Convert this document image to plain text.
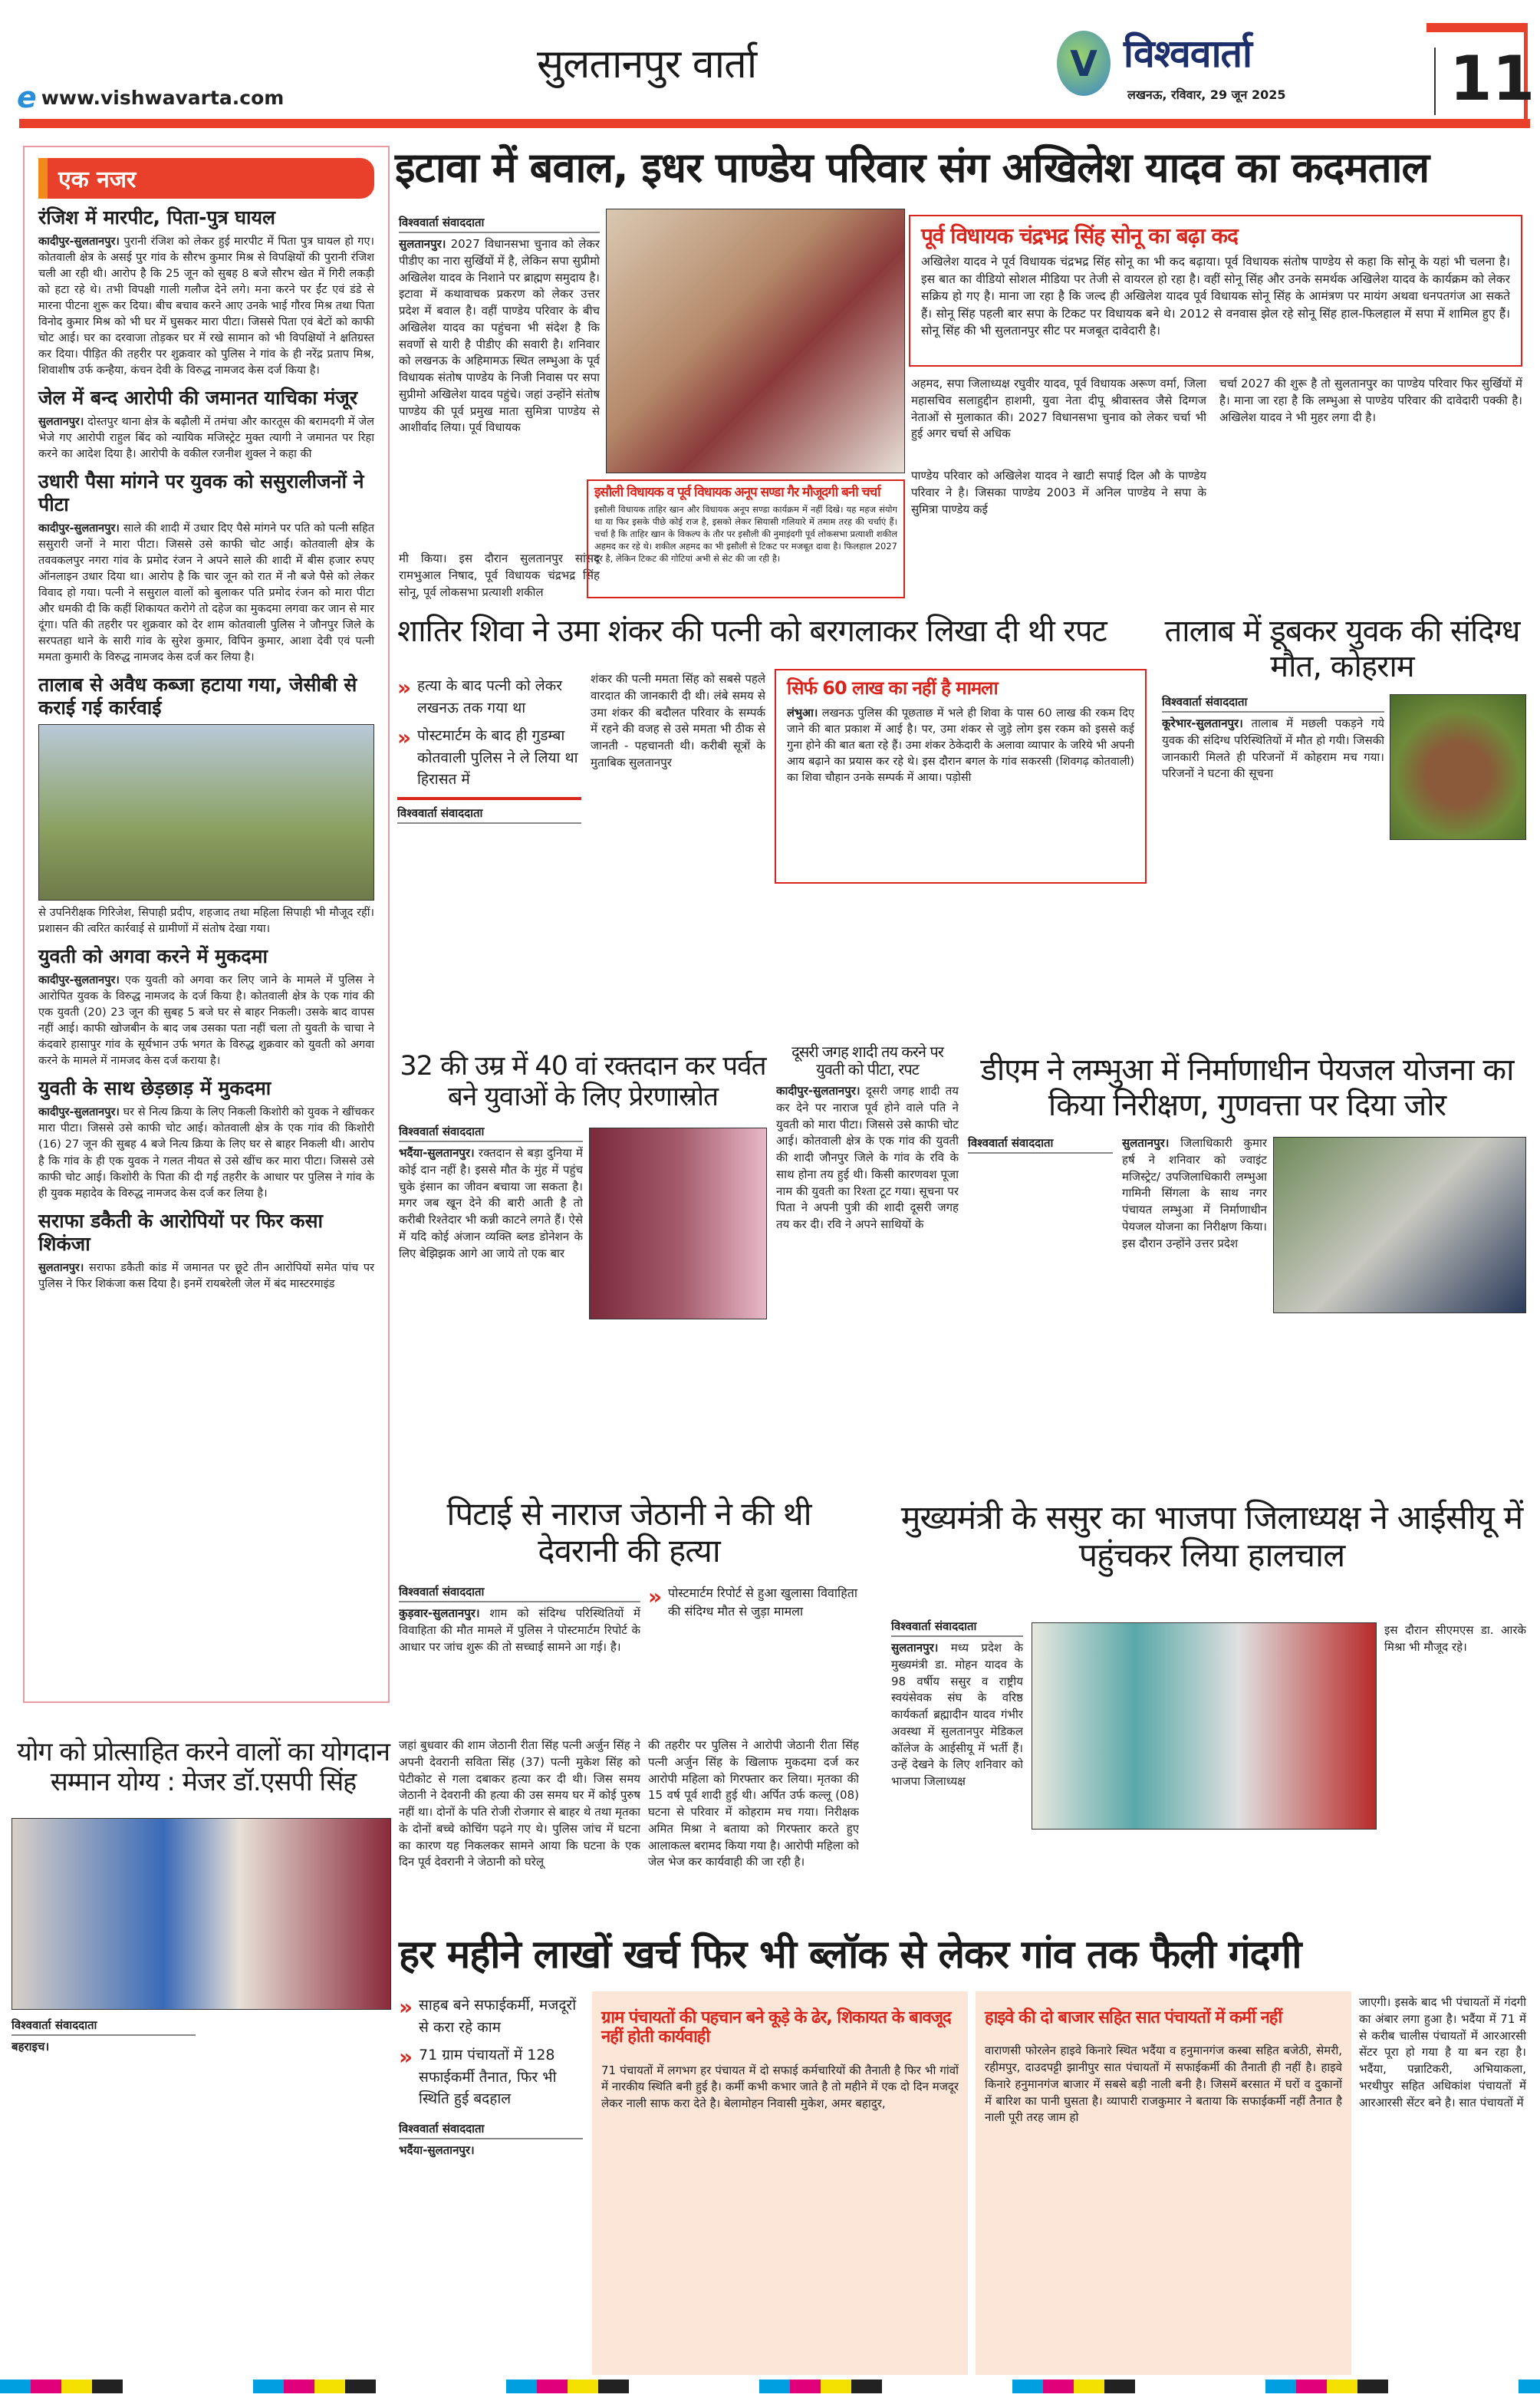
e www.vishwavarta.com
सुलतानपुर वार्ता	V विश्ववार्ता
लखनऊ, रविवार, 29 जून 2025	11
एक नजर
रंजिश में मारपीट, पिता-पुत्र घायल

कादीपुर-सुलतानपुर। पुरानी रंजिश को लेकर हुई मारपीट में पिता पुत्र घायल हो गए। कोतवाली क्षेत्र के असई पुर गांव के सौरभ कुमार मिश्र से विपक्षियों की पुरानी रंजिश चली आ रही थी। आरोप है कि 25 जून को सुबह 8 बजे सौरभ खेत में गिरी लकड़ी को हटा रहे थे। तभी विपक्षी गाली गलौज देने लगे। मना करने पर ईंट एवं डंडे से मारना पीटना शुरू कर दिया। बीच बचाव करने आए उनके भाई गौरव मिश्र तथा पिता विनोद कुमार मिश्र को भी घर में घुसकर मारा पीटा। जिससे पिता एवं बेटों को काफी चोट आई। घर का दरवाजा तोड़कर घर में रखे सामान को भी विपक्षियों ने क्षतिग्रस्त कर दिया। पीड़ित की तहरीर पर शुक्रवार को पुलिस ने गांव के ही नरेंद्र प्रताप मिश्र, शिवाशीष उर्फ कन्हैया, कंचन देवी के विरुद्ध नामजद केस दर्ज किया है।

जेल में बन्द आरोपी की जमानत याचिका मंजूर

सुलतानपुर। दोस्तपुर थाना क्षेत्र के बढ़ौली में तमंचा और कारतूस की बरामदगी में जेल भेजे गए आरोपी राहुल बिंद को न्यायिक मजिस्ट्रेट मुक्त त्यागी ने जमानत पर रिहा करने का आदेश दिया है। आरोपी के वकील रजनीश शुक्ल ने कहा की

उधारी पैसा मांगने पर युवक को ससुरालीजनों ने पीटा

कादीपुर-सुलतानपुर। साले की शादी में उधार दिए पैसे मांगने पर पति को पत्नी सहित ससुरारी जनों ने मारा पीटा। जिससे उसे काफी चोट आई। कोतवाली क्षेत्र के तववकलपुर नगरा गांव के प्रमोद रंजन ने अपने साले की शादी में बीस हजार रुपए ऑनलाइन उधार दिया था। आरोप है कि चार जून को रात में नौ बजे पैसे को लेकर विवाद हो गया। पत्नी ने ससुराल वालों को बुलाकर पति प्रमोद रंजन को मारा पीटा और धमकी दी कि कहीं शिकायत करोगे तो दहेज का मुकदमा लगवा कर जान से मार दूंगा। पति की तहरीर पर शुक्रवार को देर शाम कोतवाली पुलिस ने जौनपुर जिले के सरपतहा थाने के सारी गांव के सुरेश कुमार, विपिन कुमार, आशा देवी एवं पत्नी ममता कुमारी के विरुद्ध नामजद केस दर्ज कर लिया है।

तालाब से अवैध कब्जा हटाया गया, जेसीबी से कराई गई कार्रवाई

से उपनिरीक्षक गिरिजेश, सिपाही प्रदीप, शहजाद तथा महिला सिपाही भी मौजूद रहीं। प्रशासन की त्वरित कार्रवाई से ग्रामीणों में संतोष देखा गया।

युवती को अगवा करने में मुकदमा

कादीपुर-सुलतानपुर। एक युवती को अगवा कर लिए जाने के मामले में पुलिस ने आरोपित युवक के विरुद्ध नामजद के दर्ज किया है। कोतवाली क्षेत्र के एक गांव की एक युवती (20) 23 जून की सुबह 5 बजे घर से बाहर निकली। उसके बाद वापस नहीं आई। काफी खोजबीन के बाद जब उसका पता नहीं चला तो युवती के चाचा ने कंदवारे हासापुर गांव के सूर्यभान उर्फ भगत के विरुद्ध शुक्रवार को युवती को अगवा करने के मामले में नामजद केस दर्ज कराया है।

युवती के साथ छेड़छाड़ में मुकदमा

कादीपुर-सुलतानपुर। घर से नित्य क्रिया के लिए निकली किशोरी को युवक ने खींचकर मारा पीटा। जिससे उसे काफी चोट आई। कोतवाली क्षेत्र के एक गांव की किशोरी (16) 27 जून की सुबह 4 बजे नित्य क्रिया के लिए घर से बाहर निकली थी। आरोप है कि गांव के ही एक युवक ने गलत नीयत से उसे खींच कर मारा पीटा। जिससे उसे काफी चोट आई। किशोरी के पिता की दी गई तहरीर के आधार पर पुलिस ने गांव के ही युवक महादेव के विरुद्ध नामजद केस दर्ज कर लिया है।

सराफा डकैती के आरोपियों पर फिर कसा शिकंजा

सुलतानपुर। सराफा डकैती कांड में जमानत पर छूटे तीन आरोपियों समेत पांच पर पुलिस ने फिर शिकंजा कस दिया है। इनमें रायबरेली जेल में बंद मास्टरमाइंड

इटावा में बवाल, इधर पाण्डेय परिवार संग अखिलेश यादव का कदमताल
विश्ववार्ता संवाददाता
सुलतानपुर। 2027 विधानसभा चुनाव को लेकर पीडीए का नारा सुर्खियों में है, लेकिन सपा सुप्रीमो अखिलेश यादव के निशाने पर ब्राह्मण समुदाय है। इटावा में कथावाचक प्रकरण को लेकर उत्तर प्रदेश में बवाल है। वहीं पाण्डेय परिवार के बीच अखिलेश यादव का पहुंचना भी संदेश है कि सवर्णो से यारी है पीडीए की सवारी है। शनिवार को लखनऊ के अहिमामऊ स्थित लम्भुआ के पूर्व विधायक संतोष पाण्डेय के निजी निवास पर सपा सुप्रीमो अखिलेश यादव पहुंचे। जहां उन्होंने संतोष पाण्डेय की पूर्व प्रमुख माता सुमित्रा पाण्डेय से आशीर्वाद लिया। पूर्व विधायक
मी किया। इस दौरान सुलतानपुर सांसद रामभुआल निषाद, पूर्व विधायक चंद्रभद्र सिंह सोनू, पूर्व लोकसभा प्रत्याशी शकील
पूर्व विधायक चंद्रभद्र सिंह सोनू का बढ़ा कद
अखिलेश यादव ने पूर्व विधायक चंद्रभद्र सिंह सोनू का भी कद बढ़ाया। पूर्व विधायक संतोष पाण्डेय से कहा कि सोनू के यहां भी चलना है। इस बात का वीडियो सोशल मीडिया पर तेजी से वायरल हो रहा है। वहीं सोनू सिंह और उनके समर्थक अखिलेश यादव के कार्यक्रम को लेकर सक्रिय हो गए है। माना जा रहा है कि जल्द ही अखिलेश यादव पूर्व विधायक सोनू सिंह के आमंत्रण पर मायंग अथवा धनपतगंज आ सकते हैं। सोनू सिंह पहली बार सपा के टिकट पर विधायक बने थे। 2012 से वनवास झेल रहे सोनू सिंह हाल-फिलहाल में सपा में शामिल हुए हैं। सोनू सिंह की भी सुलतानपुर सीट पर मजबूत दावेदारी है।
अहमद, सपा जिलाध्यक्ष रघुवीर यादव, पूर्व विधायक अरूण वर्मा, जिला महासचिव सलाहुद्दीन हाशमी, युवा नेता दीपू श्रीवास्तव जैसे दिग्गज नेताओं से मुलाकात की। 2027 विधानसभा चुनाव को लेकर चर्चा भी हुई अगर चर्चा से अधिक
चर्चा 2027 की शुरू है तो सुलतानपुर का पाण्डेय परिवार फिर सुर्खियों में है। माना जा रहा है कि लम्भुआ से पाण्डेय परिवार की दावेदारी पक्की है। अखिलेश यादव ने भी मुहर लगा दी है।
पाण्डेय परिवार को अखिलेश यादव ने खाटी सपाई दिल औ के पाण्डेय परिवार ने है। जिसका पाण्डेय 2003 में अनिल पाण्डेय ने सपा के सुमित्रा पाण्डेय कई
इसौली विधायक व पूर्व विधायक अनूप सण्डा गैर मौजूदगी बनी चर्चा
इसौली विधायक ताहिर खान और विधायक अनूप सण्डा कार्यक्रम में नहीं दिखे। यह महज संयोग था या फिर इसके पीछे कोई राज है, इसको लेकर सियासी गलियारे में तमाम तरह की चर्चाएं हैं। चर्चा है कि ताहिर खान के विकल्प के तौर पर इसौली की नुमाइंदगी पूर्व लोकसभा प्रत्याशी शकील अहमद कर रहे थे। शकील अहमद का भी इसौली से टिकट पर मजबूत दावा है। फिलहाल 2027 दूर है, लेकिन टिकट की गोटियां अभी से सेट की जा रही है।
शातिर शिवा ने उमा शंकर की पत्नी को बरगलाकर लिखा दी थी रपट
» हत्या के बाद पत्नी को लेकर लखनऊ तक गया था
» पोस्टमार्टम के बाद ही गुडम्बा कोतवाली पुलिस ने ले लिया था हिरासत में
विश्ववार्ता संवाददाता
शंकर की पत्नी ममता सिंह को सबसे पहले वारदात की जानकारी दी थी। लंबे समय से उमा शंकर की बदौलत परिवार के सम्पर्क में रहने की वजह से उसे ममता भी ठीक से जानती - पहचानती थी। करीबी सूत्रों के मुताबिक सुलतानपुर
सिर्फ 60 लाख का नहीं है मामला
लंभुआ। लखनऊ पुलिस की पूछताछ में भले ही शिवा के पास 60 लाख की रकम दिए जाने की बात प्रकाश में आई है। पर, उमा शंकर से जुड़े लोग इस रकम को इससे कई गुना होने की बात बता रहे हैं। उमा शंकर ठेकेदारी के अलावा व्यापार के जरिये भी अपनी आय बढ़ाने का प्रयास कर रहे थे। इस दौरान बगल के गांव सकरसी (शिवगढ़ कोतवाली) का शिवा चौहान उनके सम्पर्क में आया। पड़ोसी
तालाब में डूबकर युवक की संदिग्ध मौत, कोहराम
विश्ववार्ता संवाददाता
कूरेभार-सुलतानपुर। तालाब में मछली पकड़ने गये युवक की संदिग्ध परिस्थितियों में मौत हो गयी। जिसकी जानकारी मिलते ही परिजनों में कोहराम मच गया। परिजनों ने घटना की सूचना
32 की उम्र में 40 वां रक्तदान कर पर्वत बने युवाओं के लिए प्रेरणास्रोत
विश्ववार्ता संवाददाता
भदैंया-सुलतानपुर। रक्तदान से बड़ा दुनिया में कोई दान नहीं है। इससे मौत के मुंह में पहुंच चुके इंसान का जीवन बचाया जा सकता है। मगर जब खून देने की बारी आती है तो करीबी रिश्तेदार भी कन्नी काटने लगते हैं। ऐसे में यदि कोई अंजान व्यक्ति ब्लड डोनेशन के लिए बेझिझक आगे आ जाये तो एक बार
दूसरी जगह शादी तय करने पर युवती को पीटा, रपट
कादीपुर-सुलतानपुर। दूसरी जगह शादी तय कर देने पर नाराज पूर्व होने वाले पति ने युवती को मारा पीटा। जिससे उसे काफी चोट आई। कोतवाली क्षेत्र के एक गांव की युवती की शादी जौनपुर जिले के गांव के रवि के साथ होना तय हुई थी। किसी कारणवश पूजा नाम की युवती का रिश्ता टूट गया। सूचना पर पिता ने अपनी पुत्री की शादी दूसरी जगह तय कर दी। रवि ने अपने साथियों के
डीएम ने लम्भुआ में निर्माणाधीन पेयजल योजना का किया निरीक्षण, गुणवत्ता पर दिया जोर
विश्ववार्ता संवाददाता	सुलतानपुर। जिलाधिकारी कुमार हर्ष ने शनिवार को ज्वाइंट मजिस्ट्रेट/ उपजिलाधिकारी लम्भुआ गामिनी सिंगला के साथ नगर पंचायत लम्भुआ में निर्माणाधीन पेयजल योजना का निरीक्षण किया। इस दौरान उन्होंने उत्तर प्रदेश
पिटाई से नाराज जेठानी ने की थी देवरानी की हत्या
विश्ववार्ता संवाददाता
कुड़वार-सुलतानपुर। शाम को संदिग्ध परिस्थितियों में विवाहिता की मौत मामले में पुलिस ने पोस्टमार्टम रिपोर्ट के आधार पर जांच शुरू की तो सच्चाई सामने आ गई। है।
» पोस्टमार्टम रिपोर्ट से हुआ खुलासा विवाहिता की संदिग्ध मौत से जुड़ा मामला
जहां बुधवार की शाम जेठानी रीता सिंह पत्नी अर्जुन सिंह ने अपनी देवरानी सविता सिंह (37) पत्नी मुकेश सिंह को पेटीकोट से गला दबाकर हत्या कर दी थी। जिस समय जेठानी ने देवरानी की हत्या की उस समय घर में कोई पुरुष नहीं था। दोनों के पति रोजी रोजगार से बाहर थे तथा मृतका के दोनों बच्चे कोचिंग पढ़ने गए थे। पुलिस जांच में घटना का कारण यह निकलकर सामने आया कि घटना के एक दिन पूर्व देवरानी ने जेठानी को घरेलू
की तहरीर पर पुलिस ने आरोपी जेठानी रीता सिंह पत्नी अर्जुन सिंह के खिलाफ मुकदमा दर्ज कर आरोपी महिला को गिरफ्तार कर लिया। मृतका की 15 वर्ष पूर्व शादी हुई थी। अर्पित उर्फ कल्लू (08) घटना से परिवार में कोहराम मच गया। निरीक्षक अमित मिश्रा ने बताया को गिरफ्तार करते हुए आलाकत्ल बरामद किया गया है। आरोपी महिला को जेल भेज कर कार्यवाही की जा रही है।
मुख्यमंत्री के ससुर का भाजपा जिलाध्यक्ष ने आईसीयू में पहुंचकर लिया हालचाल
विश्ववार्ता संवाददाता
सुलतानपुर। मध्य प्रदेश के मुख्यमंत्री डा. मोहन यादव के 98 वर्षीय ससुर व राष्ट्रीय स्वयंसेवक संघ के वरिष्ठ कार्यकर्ता ब्रह्मादीन यादव गंभीर अवस्था में सुलतानपुर मेडिकल कॉलेज के आईसीयू में भर्ती हैं। उन्हें देखने के लिए शनिवार को भाजपा जिलाध्यक्ष
इस दौरान सीएमएस डा. आरके मिश्रा भी मौजूद रहे।
योग को प्रोत्साहित करने वालों का योगदान सम्मान योग्य : मेजर डॉ.एसपी सिंह
विश्ववार्ता संवाददाता
बहराइच।
हर महीने लाखों खर्च फिर भी ब्लॉक से लेकर गांव तक फैली गंदगी
» साहब बने सफाईकर्मी, मजदूरों से करा रहे काम
» 71 ग्राम पंचायतों में 128 सफाईकर्मी तैनात, फिर भी स्थिति हुई बदहाल
विश्ववार्ता संवाददाता
भदैंया-सुलतानपुर।
ग्राम पंचायतों की पहचान बने कूड़े के ढेर, शिकायत के बावजूद नहीं होती कार्यवाही
71 पंचायतों में लगभग हर पंचायत में दो सफाई कर्मचारियों की तैनाती है फिर भी गांवों में नारकीय स्थिति बनी हुई है। कर्मी कभी कभार जाते है तो महीने में एक दो दिन मजदूर लेकर नाली साफ करा देते है। बेलामोहन निवासी मुकेश, अमर बहादुर,
हाइवे की दो बाजार सहित सात पंचायतों में कर्मी नहीं
वाराणसी फोरलेन हाइवे किनारे स्थित भदैंया व हनुमानगंज कस्बा सहित बजेठी, सेमरी, रहीमपुर, दाउदपट्टी झानीपुर सात पंचायतों में सफाईकर्मी की तैनाती ही नहीं है। हाइवे किनारे हनुमानगंज बाजार में सबसे बड़ी नाली बनी है। जिसमें बरसात में घरों व दुकानों में बारिश का पानी घुसता है। व्यापारी राजकुमार ने बताया कि सफाईकर्मी नहीं तैनात है नाली पूरी तरह जाम हो
जाएगी। इसके बाद भी पंचायतों में गंदगी का अंबार लगा हुआ है। भदैंया में 71 में से करीब चालीस पंचायतों में आरआरसी सेंटर पूरा हो गया है या बन रहा है। भदैंया, पन्नाटिकरी, अभियाकला, भरथीपुर सहित अधिकांश पंचायतों में आरआरसी सेंटर बने है। सात पंचायतों में
